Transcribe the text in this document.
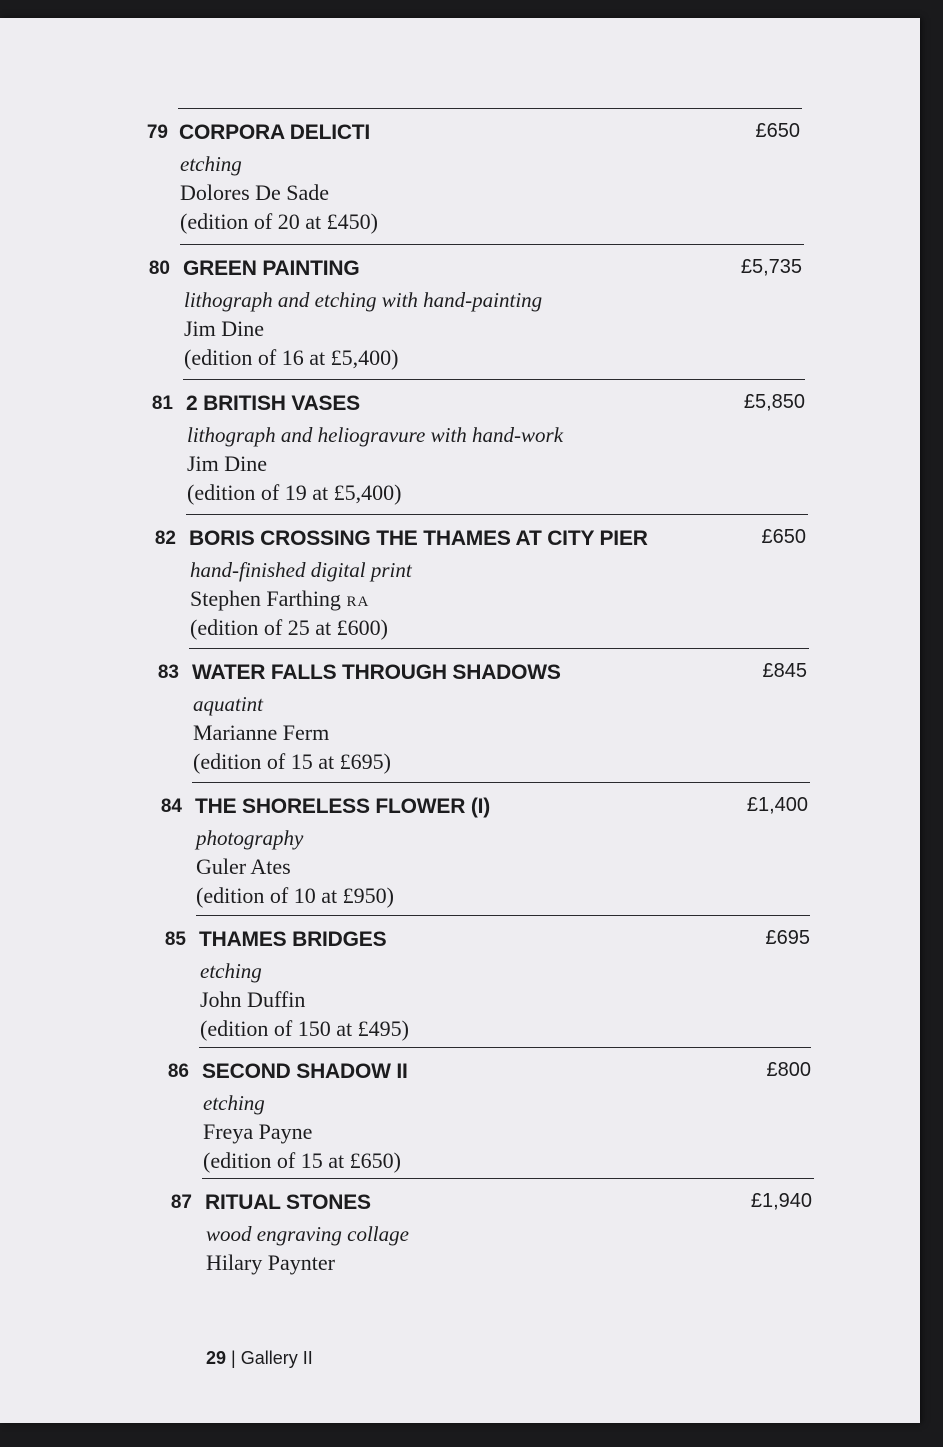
79 CORPORA DELICTI
etching
Dolores De Sade
(edition of 20 at £450)
£650
80 GREEN PAINTING
lithograph and etching with hand-painting
Jim Dine
(edition of 16 at £5,400)
£5,735
81 2 BRITISH VASES
lithograph and heliogravure with hand-work
Jim Dine
(edition of 19 at £5,400)
£5,850
82 BORIS CROSSING THE THAMES AT CITY PIER
hand-finished digital print
Stephen Farthing RA
(edition of 25 at £600)
£650
83 WATER FALLS THROUGH SHADOWS
aquatint
Marianne Ferm
(edition of 15 at £695)
£845
84 THE SHORELESS FLOWER (I)
photography
Guler Ates
(edition of 10 at £950)
£1,400
85 THAMES BRIDGES
etching
John Duffin
(edition of 150 at £495)
£695
86 SECOND SHADOW II
etching
Freya Payne
(edition of 15 at £650)
£800
87 RITUAL STONES
wood engraving collage
Hilary Paynter
£1,940
29 | Gallery II
